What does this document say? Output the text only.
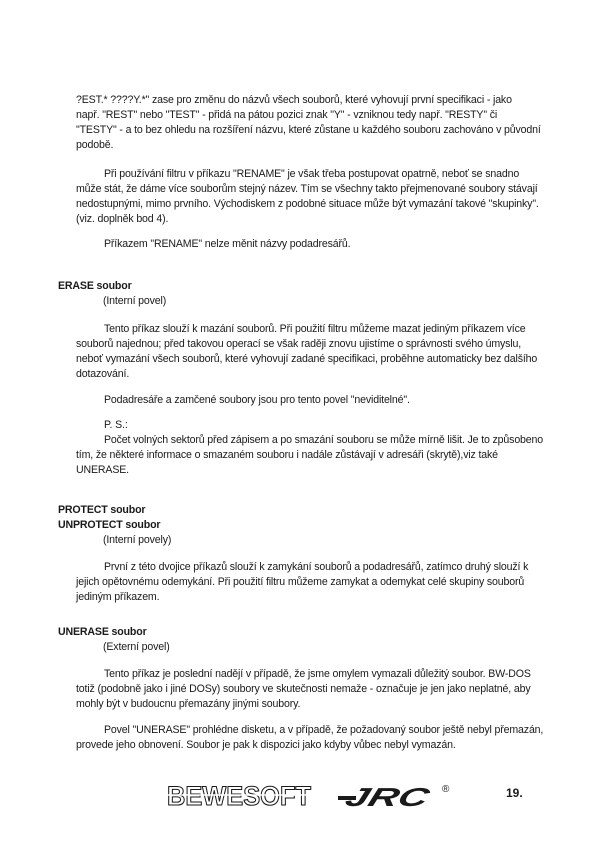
?EST.* ????Y.*" zase pro změnu do názvů všech souborů, které vyhovují první specifikaci - jako

např. "REST" nebo "TEST" - přidá na pátou pozici znak "Y" - vzniknou tedy např. "RESTY" či

"TESTY" - a to bez ohledu na rozšíření názvu, které zůstane u každého souboru zachováno v původní

podobě.

Při používání filtru v příkazu "RENAME" je však třeba postupovat opatrně, neboť se snadno

může stát, že dáme více souborům stejný název. Tím se všechny takto přejmenované soubory stávají

nedostupnými, mimo prvního. Východiskem z podobné situace může být vymazání takové "skupinky".

(viz. doplněk bod 4).

Příkazem "RENAME" nelze měnit názvy podadresářů.

ERASE soubor

(Interní povel)

Tento příkaz slouží k mazání souborů. Při použití filtru můžeme mazat jediným příkazem více

souborů najednou; před takovou operací se však raději znovu ujistíme o správnosti svého úmyslu,

neboť vymazání všech souborů, které vyhovují zadané specifikaci, proběhne automaticky bez dalšího

dotazování.

Podadresáře a zamčené soubory jsou pro tento povel "neviditelné".

P. S.:

Počet volných sektorů před zápisem a po smazání souboru se může mírně lišit. Je to způsobeno

tím, že některé informace o smazaném souboru i nadále zůstávají v adresáři (skrytě),viz také

UNERASE.

PROTECT soubor

UNPROTECT soubor

(Interní povely)

První z této dvojice příkazů slouží k zamykání souborů a podadresářů, zatímco druhý slouží k

jejich opětovnému odemykání. Při použití filtru můžeme zamykat a odemykat celé skupiny souborů

jediným příkazem.

UNERASE soubor

(Externí povel)

Tento příkaz je poslední nadějí v případě, že jsme omylem vymazali důležitý soubor. BW-DOS

totiž (podobně jako i jiné DOSy) soubory ve skutečnosti nemaže - označuje je jen jako neplatné, aby

mohly být v budoucnu přemazány jinými soubory.

Povel "UNERASE" prohlédne disketu, a v případě, že požadovaný soubor ještě nebyl přemazán,

provede jeho obnovení. Soubor je pak k dispozici jako kdyby vůbec nebyl vymazán.

BEWESOFT JRC	®	19.
